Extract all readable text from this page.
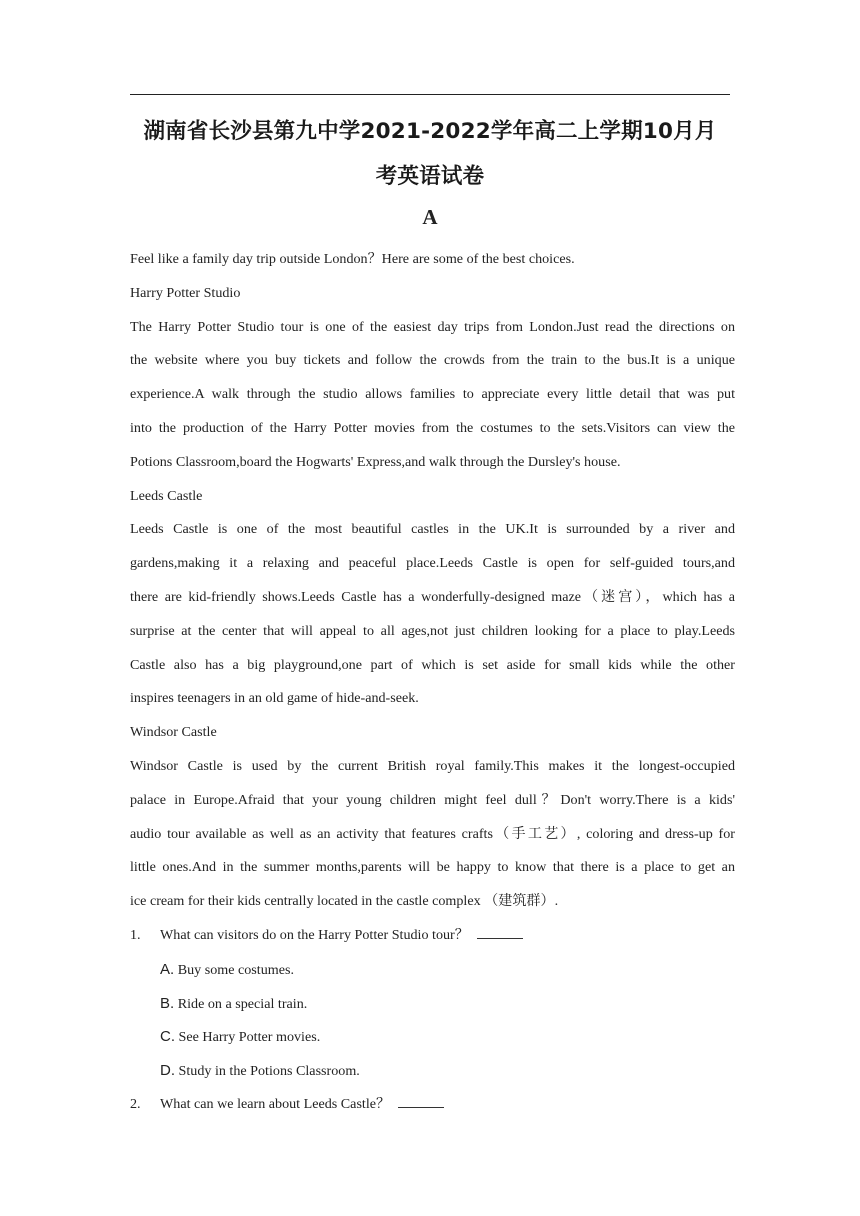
湖南省长沙县第九中学2021-2022学年高二上学期10月月
考英语试卷
A
Feel like a family day trip outside London？Here are some of the best choices.
Harry Potter Studio
The Harry Potter Studio tour is one of the easiest day trips from London.Just read the directions on
the website where you buy tickets and follow the crowds from the train to the bus.It is a unique
experience.A walk through the studio allows families to appreciate every little detail that was put
into the production of the Harry Potter movies from the costumes to the sets.Visitors can view the
Potions Classroom,board the Hogwarts' Express,and walk through the Dursley's house.
Leeds Castle
Leeds Castle is one of the most beautiful castles in the UK.It is surrounded by a river and
gardens,making it a relaxing and peaceful place.Leeds Castle is open for self-guided tours,and
there are kid-friendly shows.Leeds Castle has a wonderfully-designed maze（迷宫），which has a
surprise at the center that will appeal to all ages,not just children looking for a place to play.Leeds
Castle also has a big playground,one part of which is set aside for small kids while the other
inspires teenagers in an old game of hide-and-seek.
Windsor Castle
Windsor Castle is used by the current British royal family.This makes it the longest-occupied
palace in Europe.Afraid that your young children might feel dull？Don't worry.There is a kids'
audio tour available as well as an activity that features crafts（手工艺）, coloring and dress-up for
little ones.And in the summer months,parents will be happy to know that there is a place to get an
ice cream for their kids centrally located in the castle complex （建筑群）.
1. What can visitors do on the Harry Potter Studio tour？
A. Buy some costumes.
B. Ride on a special train.
C. See Harry Potter movies.
D. Study in the Potions Classroom.
2. What can we learn about Leeds Castle？
